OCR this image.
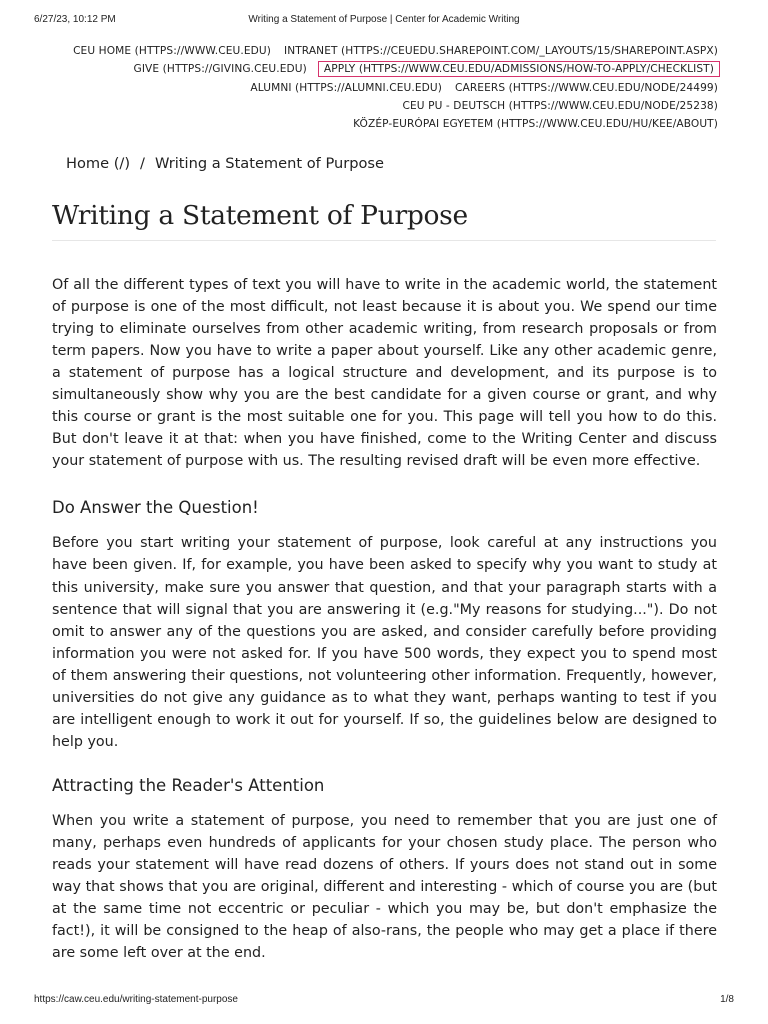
6/27/23, 10:12 PM	Writing a Statement of Purpose | Center for Academic Writing
CEU HOME (HTTPS://WWW.CEU.EDU) INTRANET (HTTPS://CEUEDU.SHAREPOINT.COM/_LAYOUTS/15/SHAREPOINT.ASPX)
GIVE (HTTPS://GIVING.CEU.EDU) APPLY (HTTPS://WWW.CEU.EDU/ADMISSIONS/HOW-TO-APPLY/CHECKLIST)
ALUMNI (HTTPS://ALUMNI.CEU.EDU) CAREERS (HTTPS://WWW.CEU.EDU/NODE/24499)
CEU PU - DEUTSCH (HTTPS://WWW.CEU.EDU/NODE/25238)
KÖZÉP-EURÓPAI EGYETEM (HTTPS://WWW.CEU.EDU/HU/KEE/ABOUT)
Home (/) / Writing a Statement of Purpose
Writing a Statement of Purpose

Of all the different types of text you will have to write in the academic world, the statement of purpose is one of the most difficult, not least because it is about you. We spend our time trying to eliminate ourselves from other academic writing, from research proposals or from term papers. Now you have to write a paper about yourself. Like any other academic genre, a statement of purpose has a logical structure and development, and its purpose is to simultaneously show why you are the best candidate for a given course or grant, and why this course or grant is the most suitable one for you. This page will tell you how to do this. But don't leave it at that: when you have finished, come to the Writing Center and discuss your statement of purpose with us. The resulting revised draft will be even more effective.

Do Answer the Question!

Before you start writing your statement of purpose, look careful at any instructions you have been given. If, for example, you have been asked to specify why you want to study at this university, make sure you answer that question, and that your paragraph starts with a sentence that will signal that you are answering it (e.g."My reasons for studying..."). Do not omit to answer any of the questions you are asked, and consider carefully before providing information you were not asked for. If you have 500 words, they expect you to spend most of them answering their questions, not volunteering other information. Frequently, however, universities do not give any guidance as to what they want, perhaps wanting to test if you are intelligent enough to work it out for yourself. If so, the guidelines below are designed to help you.

Attracting the Reader's Attention

When you write a statement of purpose, you need to remember that you are just one of many, perhaps even hundreds of applicants for your chosen study place. The person who reads your statement will have read dozens of others. If yours does not stand out in some way that shows that you are original, different and interesting - which of course you are (but at the same time not eccentric or peculiar - which you may be, but don't emphasize the fact!), it will be consigned to the heap of also-rans, the people who may get a place if there are some left over at the end.

https://caw.ceu.edu/writing-statement-purpose	1/8
